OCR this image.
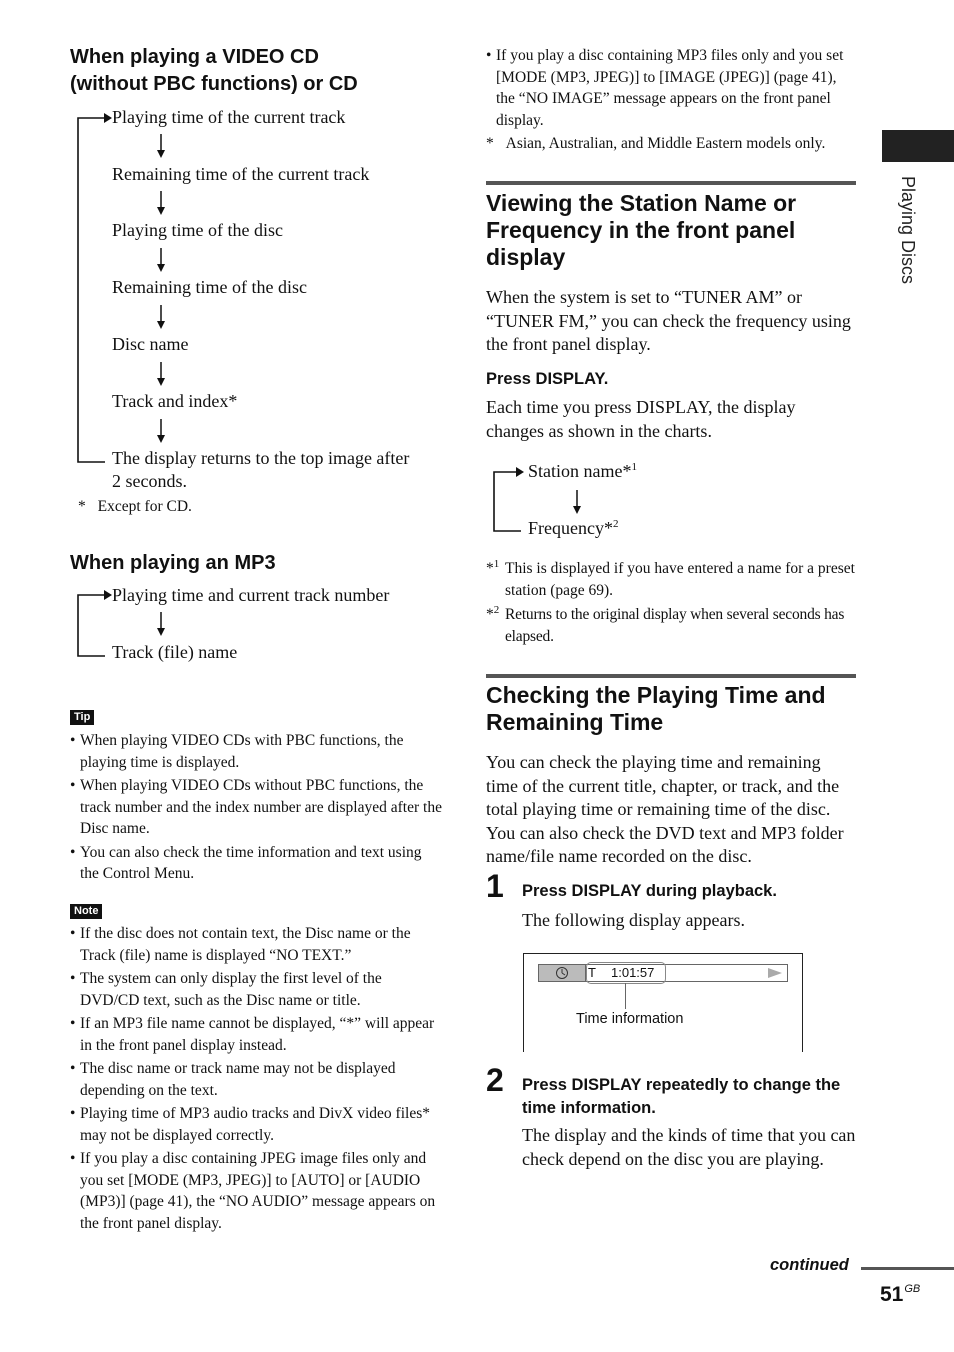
Playing Discs
When playing a VIDEO CD
(without PBC functions) or CD
Playing time of the current track
Remaining time of the current track
Playing time of the disc
Remaining time of the disc
Disc name
Track and index*
The display returns to the top image after
2 seconds.
* Except for CD.
When playing an MP3
Playing time and current track number
Track (file) name
Tip
• When playing VIDEO CDs with PBC functions, the playing time is displayed.
• When playing VIDEO CDs without PBC functions, the track number and the index number are displayed after the Disc name.
• You can also check the time information and text using the Control Menu.
Note
• If the disc does not contain text, the Disc name or the Track (file) name is displayed “NO TEXT.”
• The system can only display the first level of the DVD/CD text, such as the Disc name or title.
• If an MP3 file name cannot be displayed, “*” will appear in the front panel display instead.
• The disc name or track name may not be displayed depending on the text.
• Playing time of MP3 audio tracks and DivX video files* may not be displayed correctly.
• If you play a disc containing JPEG image files only and you set [MODE (MP3, JPEG)] to [AUTO] or [AUDIO (MP3)] (page 41), the “NO AUDIO” message appears on the front panel display.
• If you play a disc containing MP3 files only and you set [MODE (MP3, JPEG)] to [IMAGE (JPEG)] (page 41), the “NO IMAGE” message appears on the front panel display.
* Asian, Australian, and Middle Eastern models only.
Viewing the Station Name or Frequency in the front panel display
When the system is set to “TUNER AM” or “TUNER FM,” you can check the frequency using the front panel display.
Press DISPLAY.
Each time you press DISPLAY, the display changes as shown in the charts.
Station name*$^1$
Frequency*$^2$
*$^1$ This is displayed if you have entered a name for a preset station (page 69).
*$^2$ Returns to the original display when several seconds has elapsed.
Checking the Playing Time and Remaining Time
You can check the playing time and remaining time of the current title, chapter, or track, and the total playing time or remaining time of the disc. You can also check the DVD text and MP3 folder name/file name recorded on the disc.
1 Press DISPLAY during playback.
The following display appears.
T 1:01:57
Time information
2 Press DISPLAY repeatedly to change the time information.
The display and the kinds of time that you can check depend on the disc you are playing.
continued
$51^{GB}$
